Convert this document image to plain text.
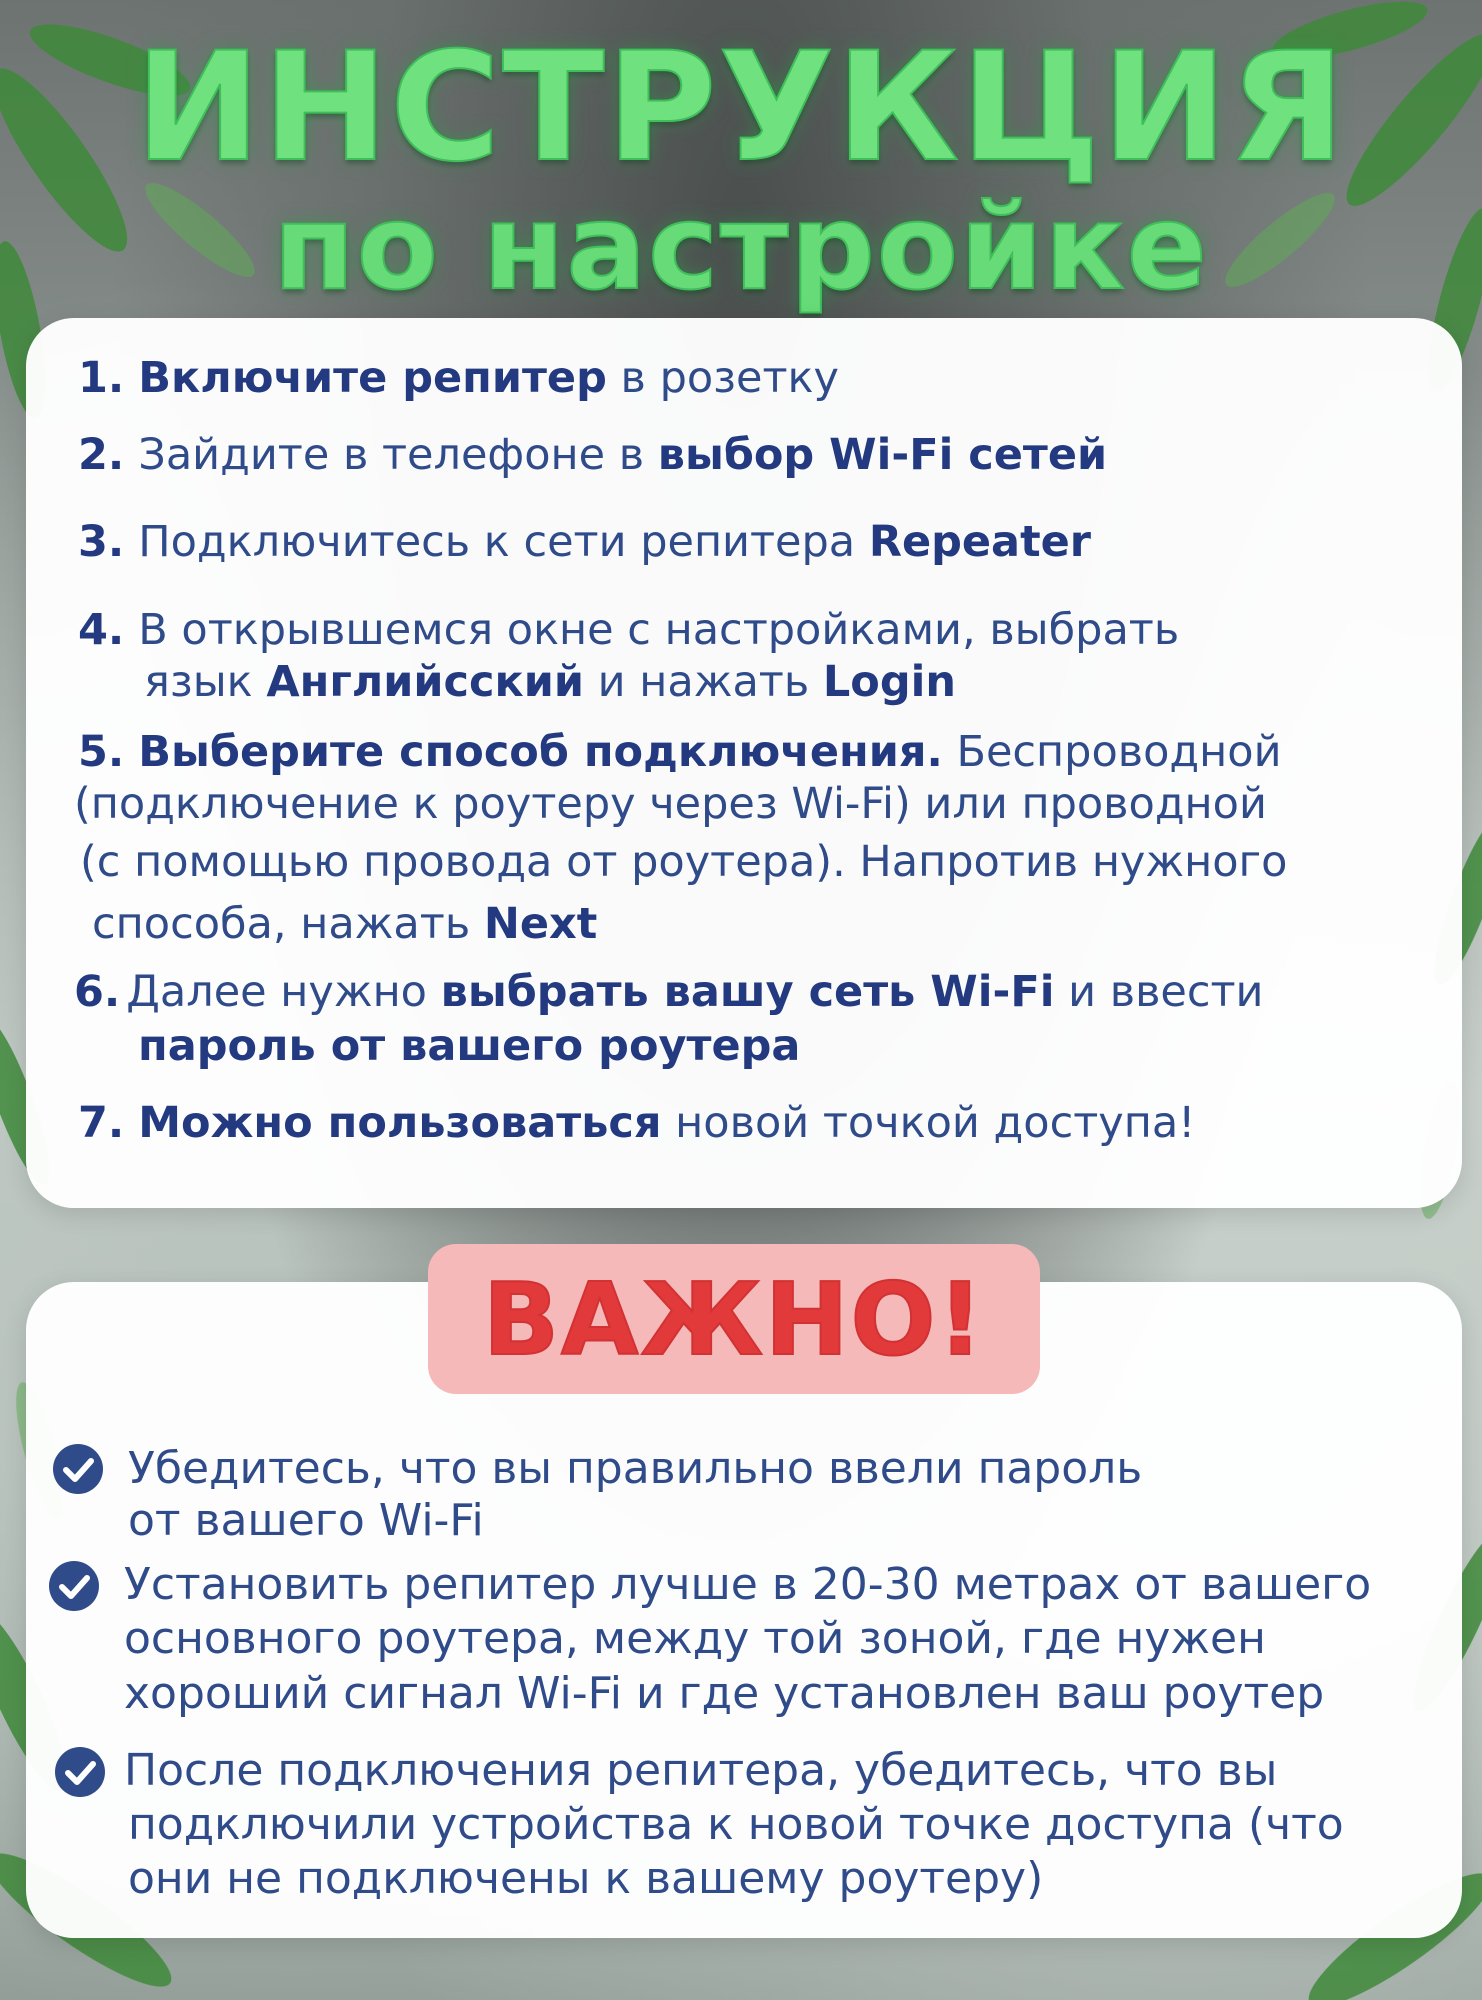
ИНСТРУКЦИЯ
по настройке
1. Включите репитер в розетку
2. Зайдите в телефоне в выбор Wi-Fi сетей
3. Подключитесь к сети репитера Repeater
4. В открывшемся окне с настройками, выбрать
язык Английсский и нажать Login
5. Выберите способ подключения. Беспроводной
(подключение к роутеру через Wi-Fi) или проводной
(с помощью провода от роутера). Напротив нужного
способа, нажать Next
6. Далее нужно выбрать вашу сеть Wi-Fi и ввести
пароль от вашего роутера
7. Можно пользоваться новой точкой доступа!
ВАЖНО!
Убедитесь, что вы правильно ввели пароль
от вашего Wi-Fi
Установить репитер лучше в 20-30 метрах от вашего
основного роутера, между той зоной, где нужен
хороший сигнал Wi-Fi и где установлен ваш роутер
После подключения репитера, убедитесь, что вы
подключили устройства к новой точке доступа (что
они не подключены к вашему роутеру)
